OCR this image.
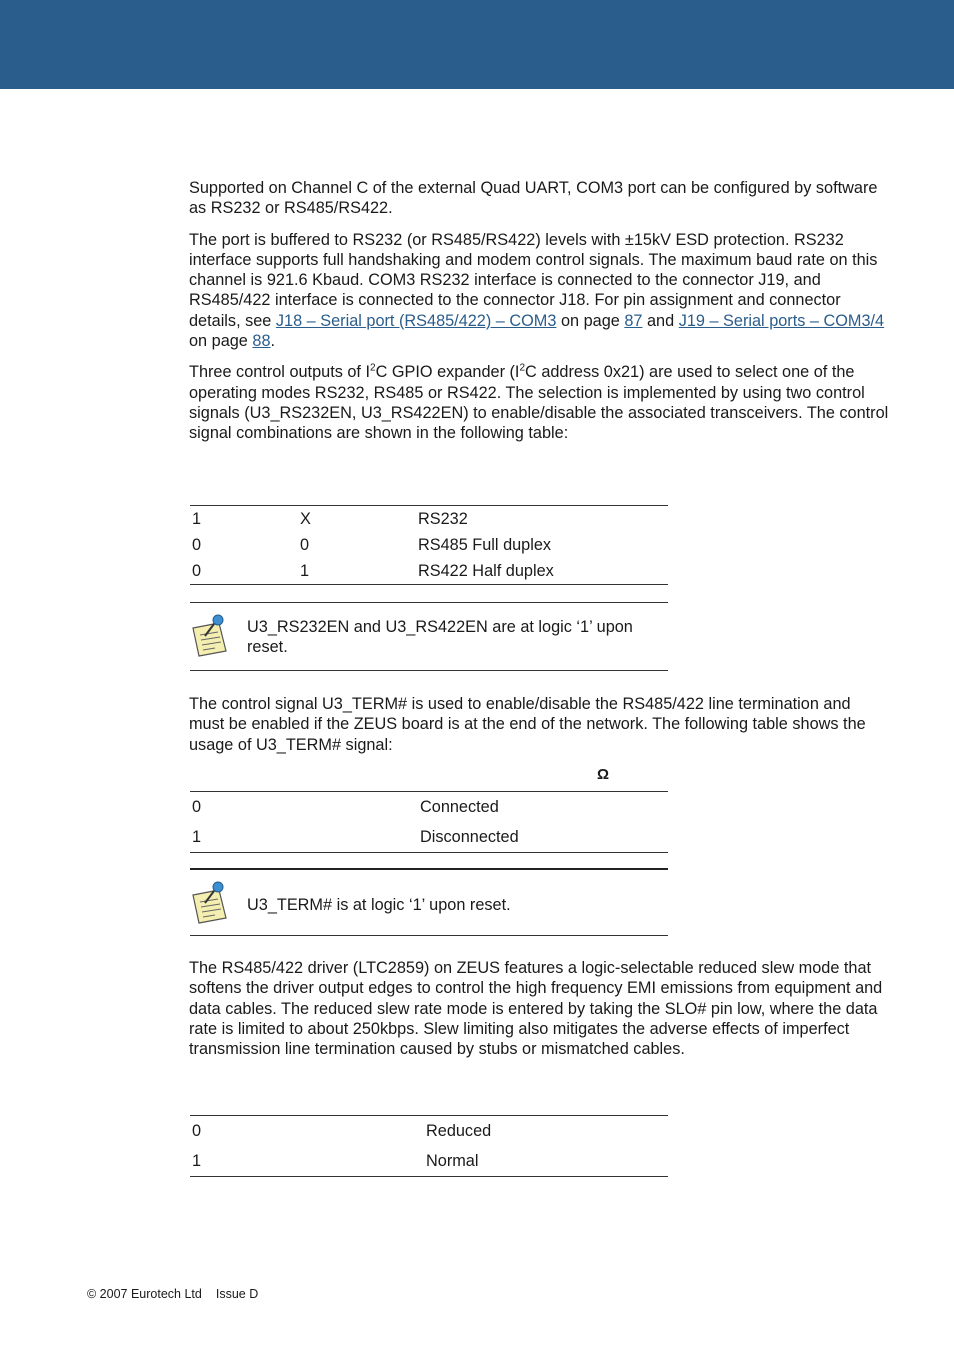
Supported on Channel C of the external Quad UART, COM3 port can be configured by software as RS232 or RS485/RS422.

The port is buffered to RS232 (or RS485/RS422) levels with ±15kV ESD protection. RS232 interface supports full handshaking and modem control signals. The maximum baud rate on this channel is 921.6 Kbaud. COM3 RS232 interface is connected to the connector J19, and RS485/422 interface is connected to the connector J18. For pin assignment and connector details, see J18 – Serial port (RS485/422) – COM3 on page 87 and J19 – Serial ports – COM3/4 on page 88.

Three control outputs of $I^2C$ GPIO expander ($I^2C$ address 0x21) are used to select one of the operating modes RS232, RS485 or RS422. The selection is implemented by using two control signals (U3_RS232EN, U3_RS422EN) to enable/disable the associated transceivers. The control signal combinations are shown in the following table:

1	X	RS232
0	0	RS485 Full duplex
0	1	RS422 Half duplex
U3_RS232EN and U3_RS422EN are at logic ‘1’ upon reset.

The control signal U3_TERM# is used to enable/disable the RS485/422 line termination and must be enabled if the ZEUS board is at the end of the network. The following table shows the usage of U3_TERM# signal:

Ω
0	Connected
1	Disconnected
U3_TERM# is at logic ‘1’ upon reset.

The RS485/422 driver (LTC2859) on ZEUS features a logic-selectable reduced slew mode that softens the driver output edges to control the high frequency EMI emissions from equipment and data cables. The reduced slew rate mode is entered by taking the SLO# pin low, where the data rate is limited to about 250kbps. Slew limiting also mitigates the adverse effects of imperfect transmission line termination caused by stubs or mismatched cables.

0	Reduced
1	Normal
© 2007 Eurotech Ltd Issue D
